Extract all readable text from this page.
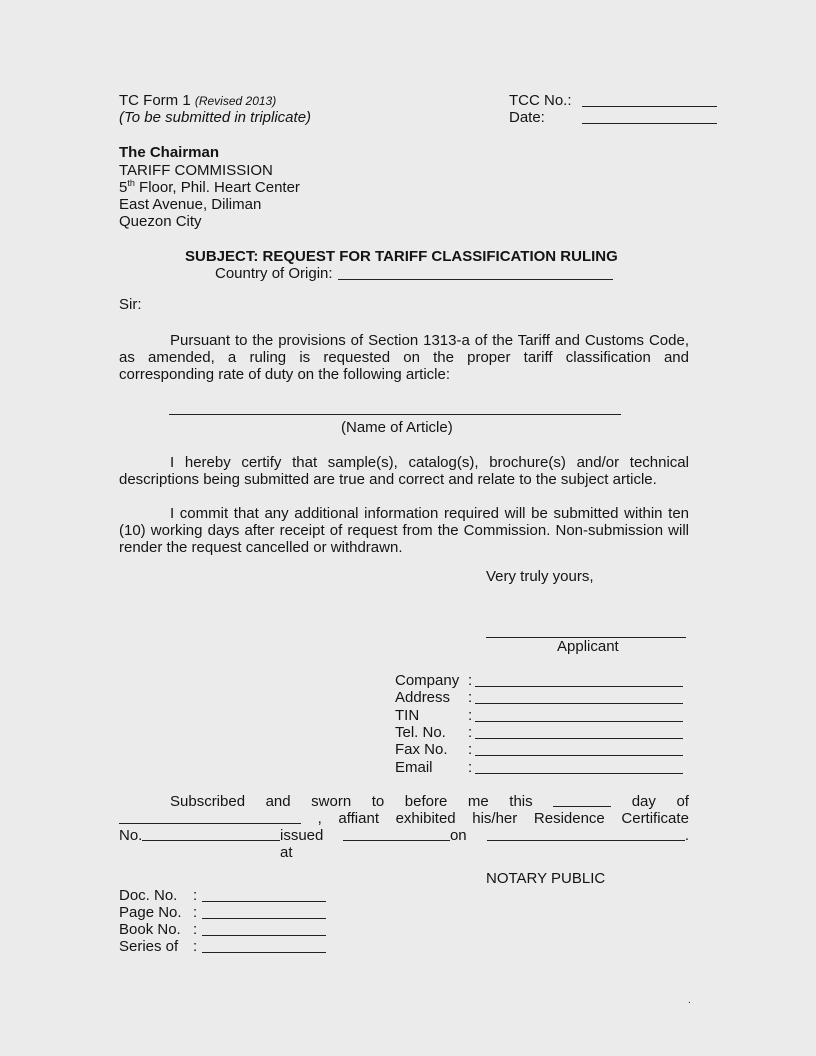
TC Form 1 (Revised 2013)
(To be submitted in triplicate)
TCC No.:
Date:
The Chairman
TARIFF COMMISSION
5th Floor, Phil. Heart Center
East Avenue, Diliman
Quezon City
SUBJECT: REQUEST FOR TARIFF CLASSIFICATION RULING
Country of Origin:
Sir:
Pursuant to the provisions of Section 1313-a of the Tariff and Customs Code,
as amended, a ruling is requested on the proper tariff classification and
corresponding rate of duty on the following article:
(Name of Article)
I hereby certify that sample(s), catalog(s), brochure(s) and/or technical
descriptions being submitted are true and correct and relate to the subject article.
I commit that any additional information required will be submitted within ten
(10) working days after receipt of request from the Commission. Non-submission will
render the request cancelled or withdrawn.
Very truly yours,
Applicant
Company :
Address :
TIN	:
Tel. No. :
Fax No. :
Email :
Subscribed and sworn to before me this	day of
, affiant exhibited his/her Residence Certificate
No.	issued at
on	.
NOTARY PUBLIC
Doc. No. :
Page No. :
Book No. :
Series of :
.
